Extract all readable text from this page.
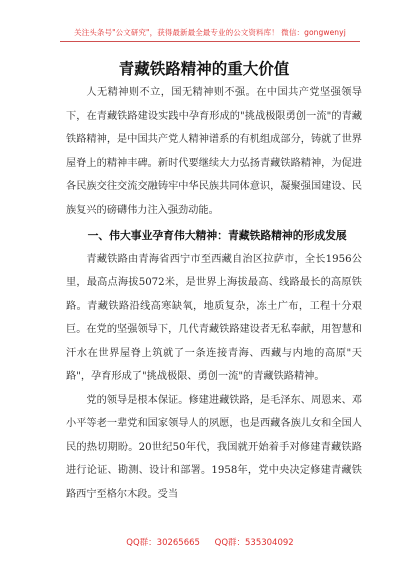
关注头条号"公文研究"，获得最新最全最专业的公文资料库！ 微信：gongwenyj
青藏铁路精神的重大价值

人无精神则不立，国无精神则不强。在中国共产党坚强领导下，在青藏铁路建设实践中孕育形成的"挑战极限勇创一流"的青藏铁路精神，是中国共产党人精神谱系的有机组成部分，铸就了世界屋脊上的精神丰碑。新时代要继续大力弘扬青藏铁路精神，为促进各民族交往交流交融铸牢中华民族共同体意识，凝聚强国建设、民族复兴的磅礴伟力注入强劲动能。

一、伟大事业孕育伟大精神：青藏铁路精神的形成发展

青藏铁路由青海省西宁市至西藏自治区拉萨市，全长1956公里，最高点海拔5072米，是世界上海拔最高、线路最长的高原铁路。青藏铁路沿线高寒缺氧，地质复杂，冻土广布，工程十分艰巨。在党的坚强领导下，几代青藏铁路建设者无私奉献，用智慧和汗水在世界屋脊上筑就了一条连接青海、西藏与内地的高原"天路"，孕育形成了"挑战极限、勇创一流"的青藏铁路精神。

党的领导是根本保证。修建进藏铁路，是毛泽东、周恩来、邓小平等老一辈党和国家领导人的夙愿，也是西藏各族儿女和全国人民的热切期盼。20世纪50年代，我国就开始着手对修建青藏铁路进行论证、勘测、设计和部署。1958年，党中央决定修建青藏铁路西宁至格尔木段。受当

QQ群：30265665 QQ群：535304092
